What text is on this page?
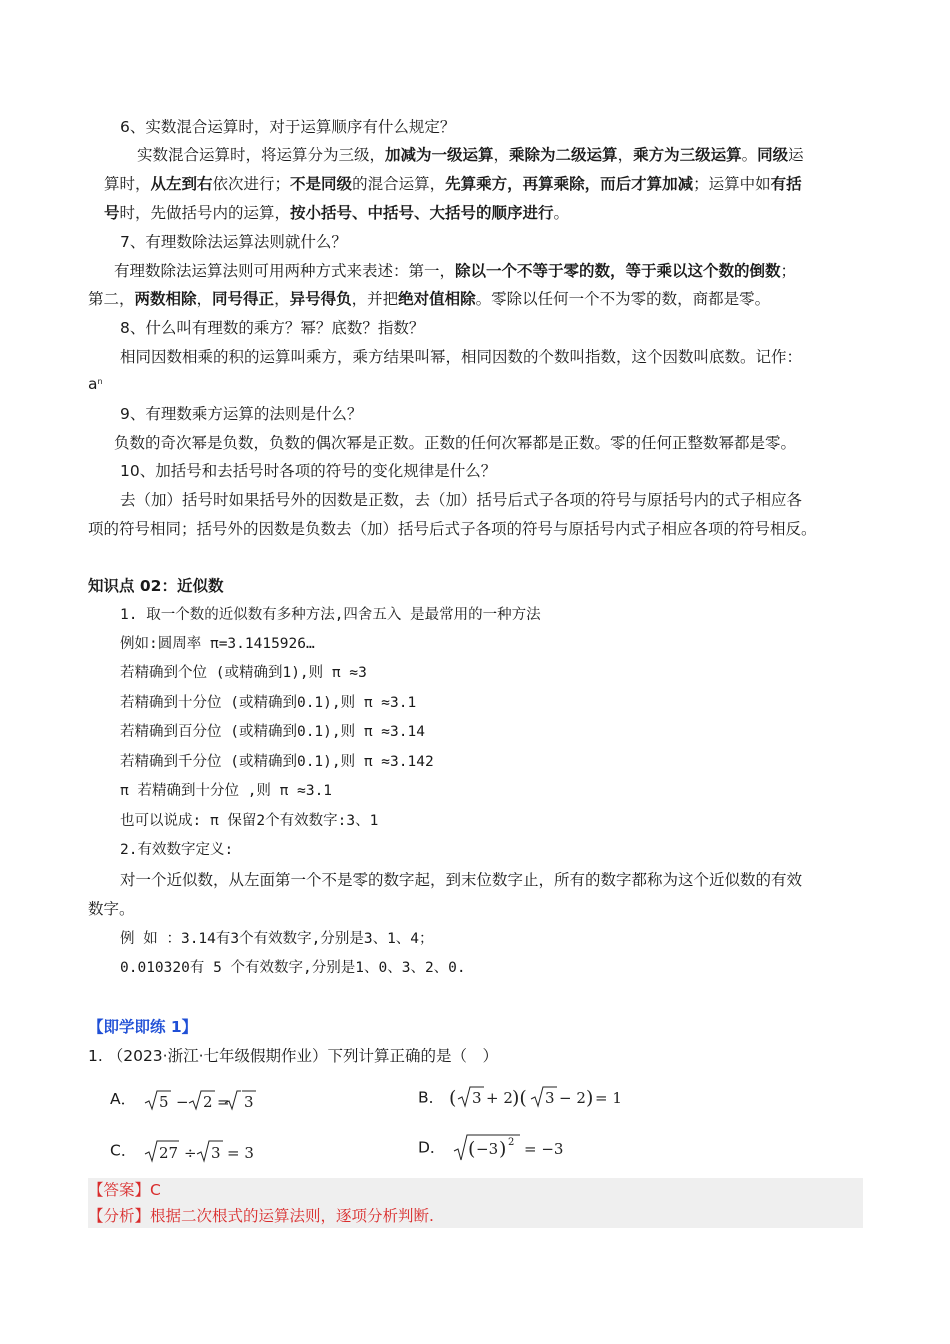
6、实数混合运算时，对于运算顺序有什么规定？
实数混合运算时，将运算分为三级，加减为一级运算，乘除为二级运算，乘方为三级运算。同级运
算时，从左到右依次进行；不是同级的混合运算，先算乘方，再算乘除，而后才算加减；运算中如有括
号时，先做括号内的运算，按小括号、中括号、大括号的顺序进行。
7、有理数除法运算法则就什么？
有理数除法运算法则可用两种方式来表述：第一，除以一个不等于零的数，等于乘以这个数的倒数；
第二，两数相除，同号得正，异号得负，并把绝对值相除。零除以任何一个不为零的数，商都是零。
8、什么叫有理数的乘方？幂？底数？指数？
相同因数相乘的积的运算叫乘方，乘方结果叫幂，相同因数的个数叫指数，这个因数叫底数。记作：
$a^n$
9、有理数乘方运算的法则是什么？
负数的奇次幂是负数，负数的偶次幂是正数。正数的任何次幂都是正数。零的任何正整数幂都是零。
10、加括号和去括号时各项的符号的变化规律是什么？
去（加）括号时如果括号外的因数是正数，去（加）括号后式子各项的符号与原括号内的式子相应各
项的符号相同；括号外的因数是负数去（加）括号后式子各项的符号与原括号内式子相应各项的符号相反。
知识点 02：近似数
1. 取一个数的近似数有多种方法,四舍五入 是最常用的一种方法
例如:圆周率 π=3.1415926…
若精确到个位 (或精确到1),则 π ≈3
若精确到十分位 (或精确到0.1),则 π ≈3.1
若精确到百分位 (或精确到0.1),则 π ≈3.14
若精确到千分位 (或精确到0.1),则 π ≈3.142
π 若精确到十分位 ,则 π ≈3.1
也可以说成: π 保留2个有效数字:3、1
2.有效数字定义:
对一个近似数，从左面第一个不是零的数字起，到末位数字止，所有的数字都称为这个近似数的有效
数字。
例 如 ：3.14有3个有效数字,分别是3、1、4；
0.010320有 5 个有效数字,分别是1、0、3、2、0.
【即学即练 1】
1. （2023·浙江·七年级假期作业）下列计算正确的是（　）
A． 5 − 2 =
3	B． ( 3 + 2 )( 3 − 2 ) = 1
C． 27 ÷ 3 = 3	D． ( −3 ) 2 = −3
【答案】C
【分析】根据二次根式的运算法则，逐项分析判断.
